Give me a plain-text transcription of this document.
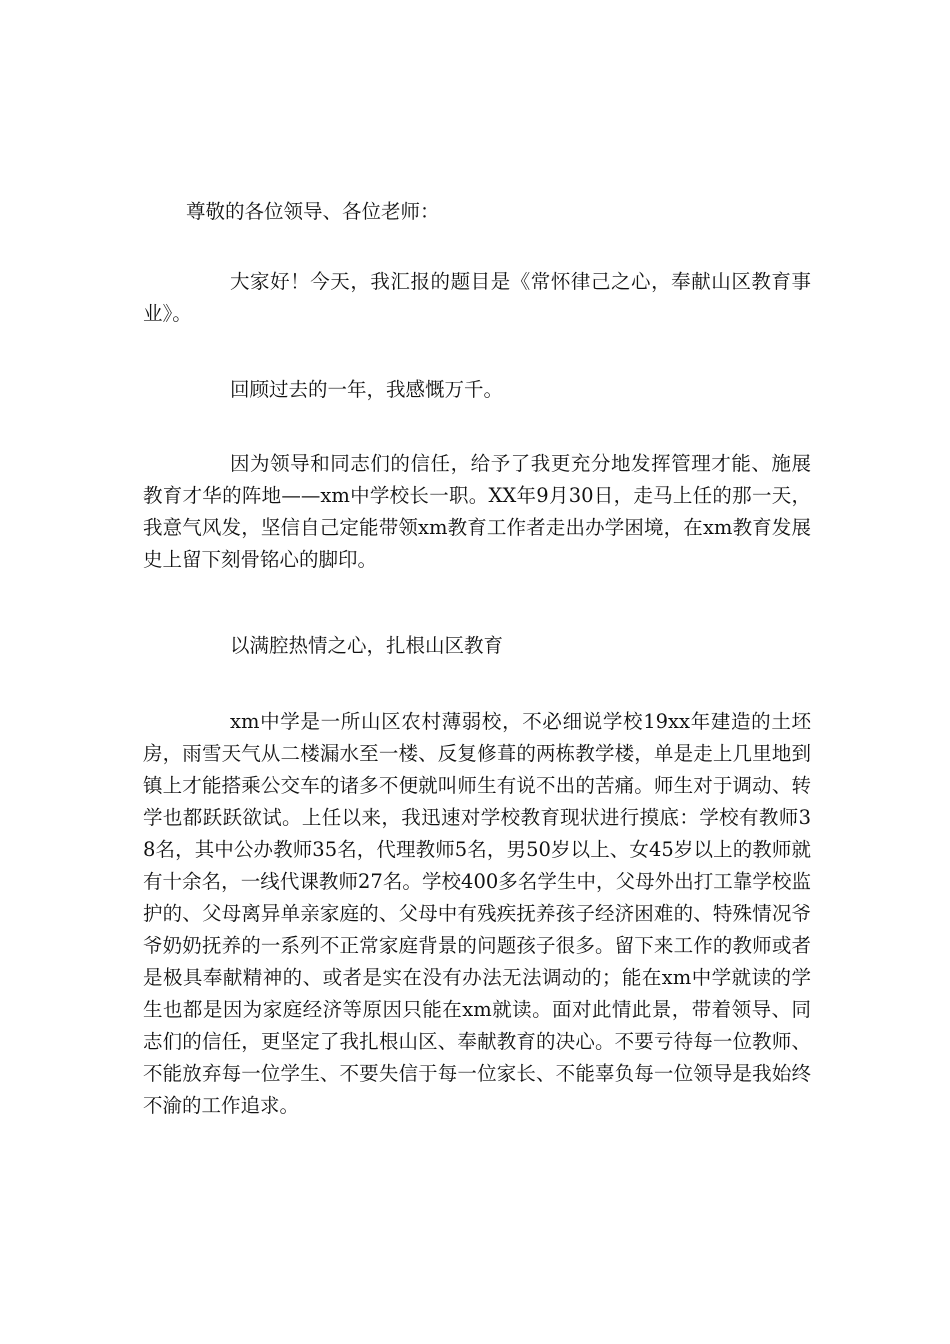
尊敬的各位领导、各位老师：

大家好！今天，我汇报的题目是《常怀律己之心，奉献山区教育事业》。

回顾过去的一年，我感慨万千。

因为领导和同志们的信任，给予了我更充分地发挥管理才能、施展教育才华的阵地——xm中学校长一职。XX年9月30日，走马上任的那一天，我意气风发，坚信自己定能带领xm教育工作者走出办学困境，在xm教育发展史上留下刻骨铭心的脚印。

以满腔热情之心，扎根山区教育

xm中学是一所山区农村薄弱校，不必细说学校19xx年建造的土坯房，雨雪天气从二楼漏水至一楼、反复修葺的两栋教学楼，单是走上几里地到镇上才能搭乘公交车的诸多不便就叫师生有说不出的苦痛。师生对于调动、转学也都跃跃欲试。上任以来，我迅速对学校教育现状进行摸底：学校有教师38名，其中公办教师35名，代理教师5名，男50岁以上、女45岁以上的教师就有十余名，一线代课教师27名。学校400多名学生中，父母外出打工靠学校监护的、父母离异单亲家庭的、父母中有残疾抚养孩子经济困难的、特殊情况爷爷奶奶抚养的一系列不正常家庭背景的问题孩子很多。留下来工作的教师或者是极具奉献精神的、或者是实在没有办法无法调动的；能在xm中学就读的学生也都是因为家庭经济等原因只能在xm就读。面对此情此景，带着领导、同志们的信任，更坚定了我扎根山区、奉献教育的决心。不要亏待每一位教师、不能放弃每一位学生、不要失信于每一位家长、不能辜负每一位领导是我始终不渝的工作追求。
